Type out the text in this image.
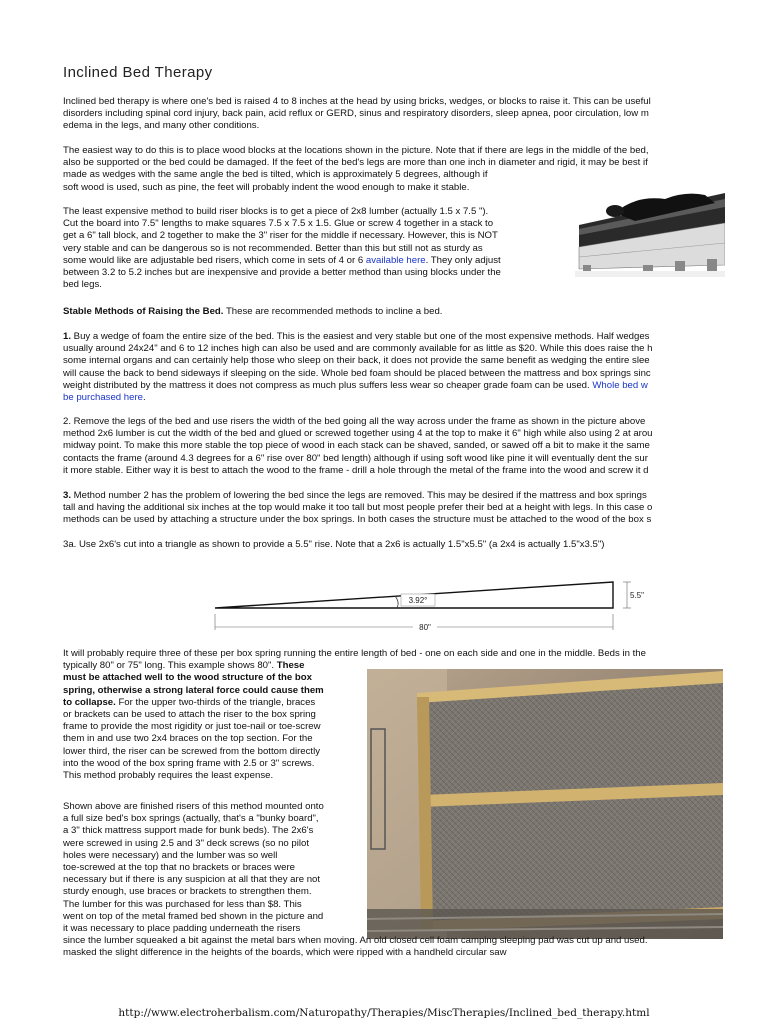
Inclined Bed Therapy

Inclined bed therapy is where one's bed is raised 4 to 8 inches at the head by using bricks, wedges, or blocks to raise it. This can be useful

disorders including spinal cord injury, back pain, acid reflux or GERD, sinus and respiratory disorders, sleep apnea, poor circulation, low m

edema in the legs, and many other conditions.

The easiest way to do this is to place wood blocks at the locations shown in the picture. Note that if there are legs in the middle of the bed,

also be supported or the bed could be damaged. If the feet of the bed's legs are more than one inch in diameter and rigid, it may be best if

made as wedges with the same angle the bed is tilted, which is approximately 5 degrees, although if

soft wood is used, such as pine, the feet will probably indent the wood enough to make it stable.

The least expensive method to build riser blocks is to get a piece of 2x8 lumber (actually 1.5 x 7.5 ").

Cut the board into 7.5" lengths to make squares 7.5 x 7.5 x 1.5. Glue or screw 4 together in a stack to

get a 6" tall block, and 2 together to make the 3" riser for the middle if necessary. However, this is NOT

very stable and can be dangerous so is not recommended. Better than this but still not as sturdy as

some would like are adjustable bed risers, which come in sets of 4 or 6 available here. They only adjust

between 3.2 to 5.2 inches but are inexpensive and provide a better method than using blocks under the

bed legs.

Stable Methods of Raising the Bed. These are recommended methods to incline a bed.

1. Buy a wedge of foam the entire size of the bed. This is the easiest and very stable but one of the most expensive methods. Half wedges

usually around 24x24" and 6 to 12 inches high can also be used and are commonly available for as little as $20. While this does raise the h

some internal organs and can certainly help those who sleep on their back, it does not provide the same benefit as wedging the entire slee

will cause the back to bend sideways if sleeping on the side. Whole bed foam should be placed between the mattress and box springs sinc

weight distributed by the mattress it does not compress as much plus suffers less wear so cheaper grade foam can be used. Whole bed w

be purchased here.

2. Remove the legs of the bed and use risers the width of the bed going all the way across under the frame as shown in the picture above

method 2x6 lumber is cut the width of the bed and glued or screwed together using 4 at the top to make it 6" high while also using 2 at arou

midway point. To make this more stable the top piece of wood in each stack can be shaved, sanded, or sawed off a bit to make it the same

contacts the frame (around 4.3 degrees for a 6" rise over 80" bed length) although if using soft wood like pine it will eventually dent the sur

it more stable. Either way it is best to attach the wood to the frame - drill a hole through the metal of the frame into the wood and screw it d

3. Method number 2 has the problem of lowering the bed since the legs are removed. This may be desired if the mattress and box springs

tall and having the additional six inches at the top would make it too tall but most people prefer their bed at a height with legs. In this case o

methods can be used by attaching a structure under the box springs. In both cases the structure must be attached to the wood of the box s

3a. Use 2x6's cut into a triangle as shown to provide a 5.5" rise. Note that a 2x6 is actually 1.5"x5.5" (a 2x4 is actually 1.5"x3.5")

3.92°
5.5"
80"

It will probably require three of these per box spring running the entire length of bed - one on each side and one in the middle. Beds in the

typically 80" or 75" long. This example shows 80". These

must be attached well to the wood structure of the box

spring, otherwise a strong lateral force could cause them

to collapse. For the upper two-thirds of the triangle, braces

or brackets can be used to attach the riser to the box spring

frame to provide the most rigidity or just toe-nail or toe-screw

them in and use two 2x4 braces on the top section. For the

lower third, the riser can be screwed from the bottom directly

into the wood of the box spring frame with 2.5 or 3" screws.

This method probably requires the least expense.

Shown above are finished risers of this method mounted onto

a full size bed's box springs (actually, that's a "bunky board",

a 3" thick mattress support made for bunk beds). The 2x6's

were screwed in using 2.5 and 3" deck screws (so no pilot

holes were necessary) and the lumber was so well

toe-screwed at the top that no brackets or braces were

necessary but if there is any suspicion at all that they are not

sturdy enough, use braces or brackets to strengthen them.

The lumber for this was purchased for less than $8. This

went on top of the metal framed bed shown in the picture and

it was necessary to place padding underneath the risers

since the lumber squeaked a bit against the metal bars when moving. An old closed cell foam camping sleeping pad was cut up and used.

masked the slight difference in the heights of the boards, which were ripped with a handheld circular saw

http://www.electroherbalism.com/Naturopathy/Therapies/MiscTherapies/Inclined_bed_therapy.html
